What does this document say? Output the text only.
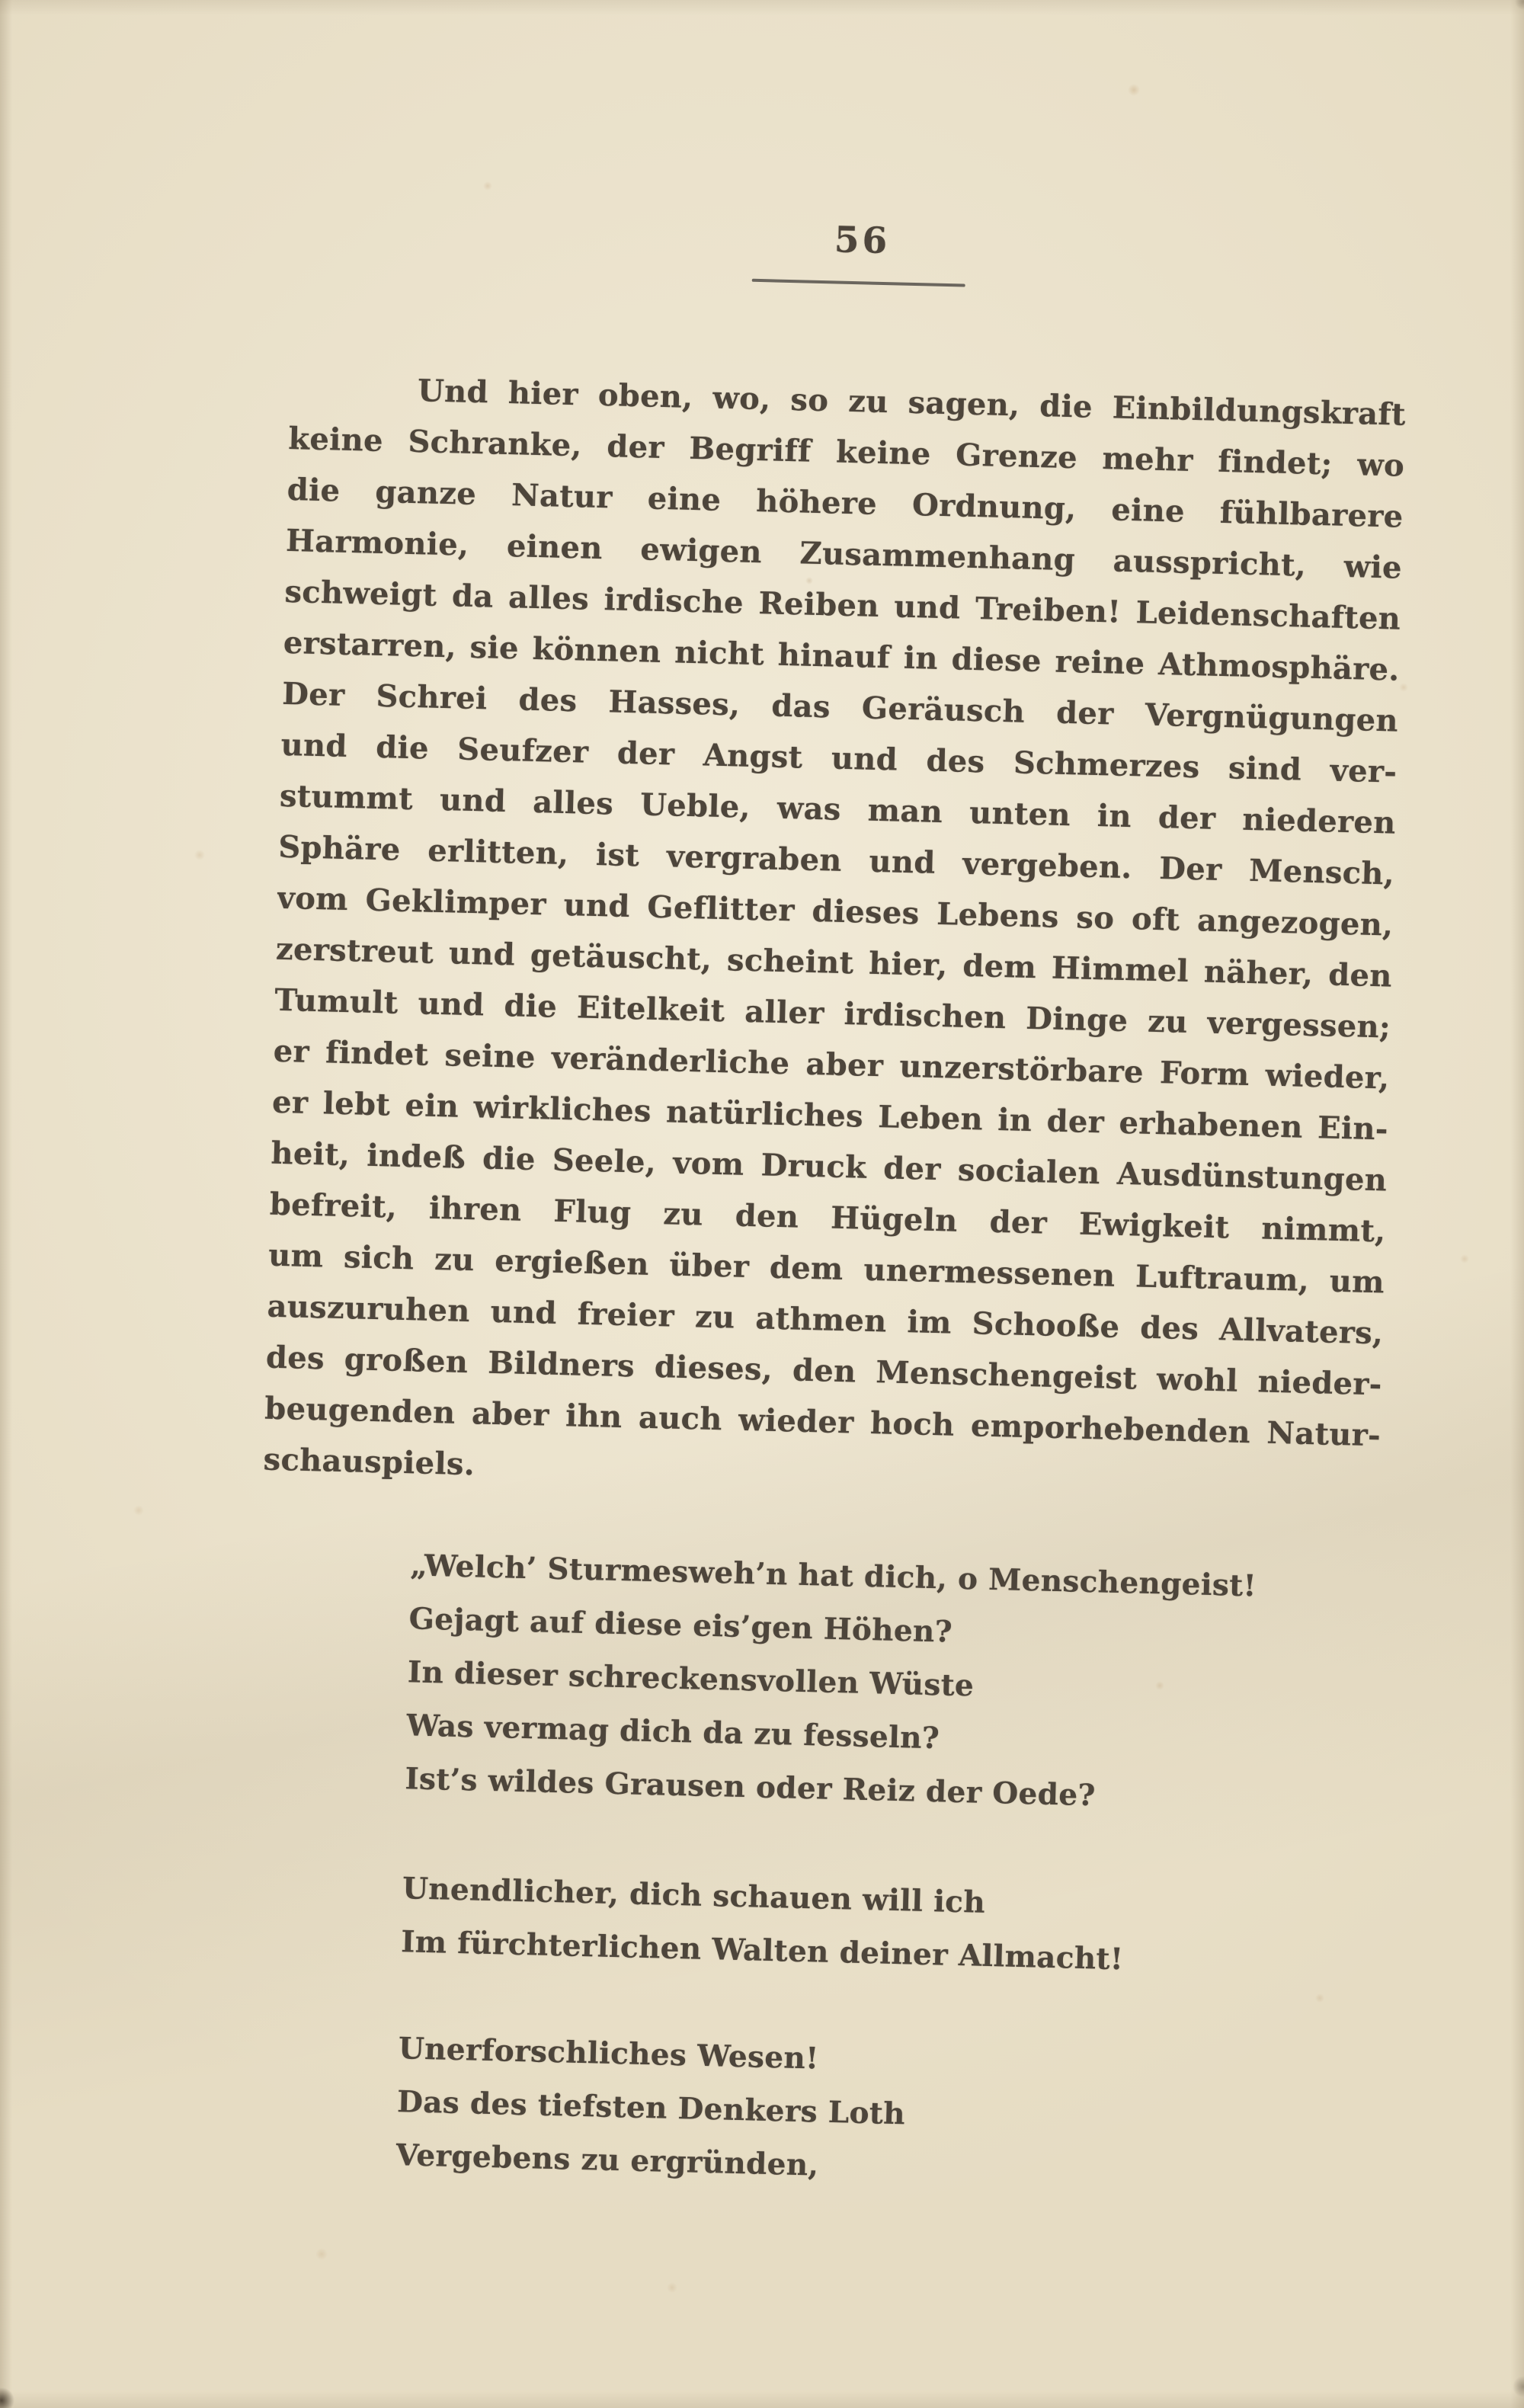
56
Und hier oben, wo, so zu sagen, die Einbildungskraft
keine Schranke, der Begriff keine Grenze mehr findet; wo
die ganze Natur eine höhere Ordnung, eine fühlbarere
Harmonie, einen ewigen Zusammenhang ausspricht, wie
schweigt da alles irdische Reiben und Treiben! Leidenschaften
erstarren, sie können nicht hinauf in diese reine Athmosphäre.
Der Schrei des Hasses, das Geräusch der Vergnügungen
und die Seufzer der Angst und des Schmerzes sind ver-
stummt und alles Ueble, was man unten in der niederen
Sphäre erlitten, ist vergraben und vergeben. Der Mensch,
vom Geklimper und Geflitter dieses Lebens so oft angezogen,
zerstreut und getäuscht, scheint hier, dem Himmel näher, den
Tumult und die Eitelkeit aller irdischen Dinge zu vergessen;
er findet seine veränderliche aber unzerstörbare Form wieder,
er lebt ein wirkliches natürliches Leben in der erhabenen Ein-
heit, indeß die Seele, vom Druck der socialen Ausdünstungen
befreit, ihren Flug zu den Hügeln der Ewigkeit nimmt,
um sich zu ergießen über dem unermessenen Luftraum, um
auszuruhen und freier zu athmen im Schooße des Allvaters,
des großen Bildners dieses, den Menschengeist wohl nieder-
beugenden aber ihn auch wieder hoch emporhebenden Natur-
schauspiels.
„Welch’ Sturmesweh’n hat dich, o Menschengeist!
Gejagt auf diese eis’gen Höhen?
In dieser schreckensvollen Wüste
Was vermag dich da zu fesseln?
Ist’s wildes Grausen oder Reiz der Oede?
Unendlicher, dich schauen will ich
Im fürchterlichen Walten deiner Allmacht!
Unerforschliches Wesen!
Das des tiefsten Denkers Loth
Vergebens zu ergründen,
